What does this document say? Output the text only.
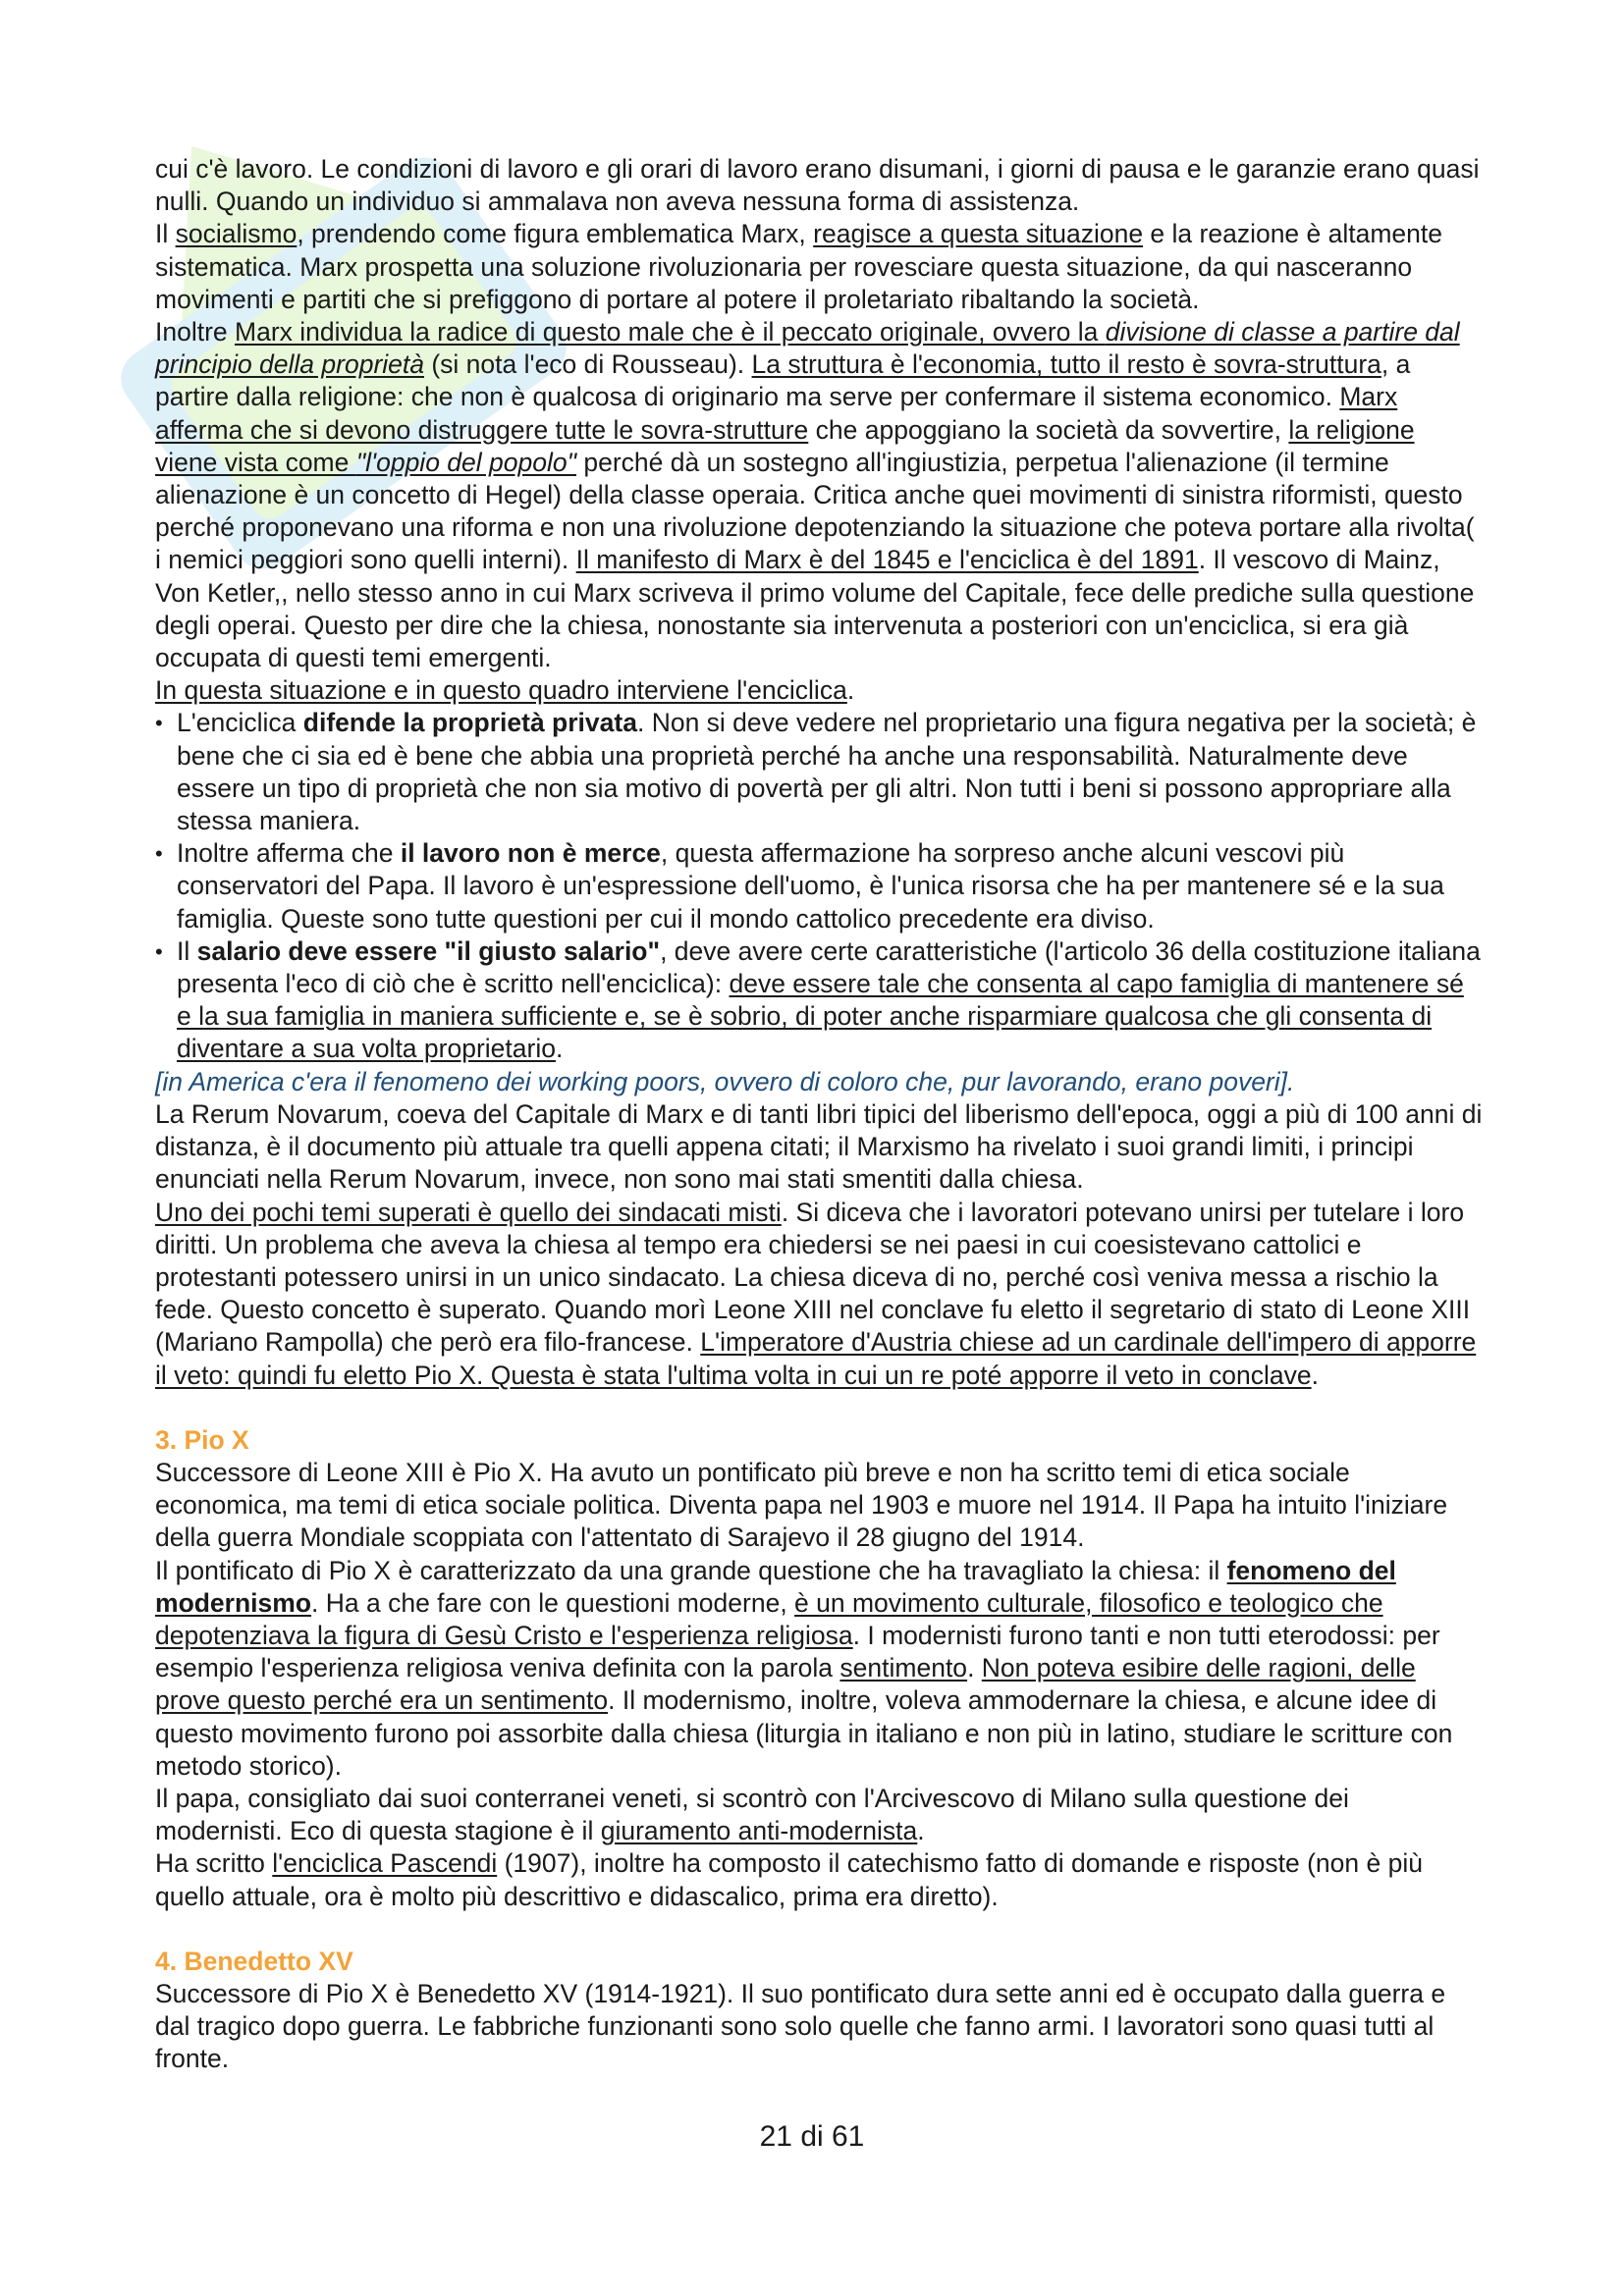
cui c'è lavoro. Le condizioni di lavoro e gli orari di lavoro erano disumani, i giorni di pausa e le garanzie erano quasi nulli. Quando un individuo si ammalava non aveva nessuna forma di assistenza.

Il socialismo, prendendo come figura emblematica Marx, reagisce a questa situazione e la reazione è altamente sistematica. Marx prospetta una soluzione rivoluzionaria per rovesciare questa situazione, da qui nasceranno movimenti e partiti che si prefiggono di portare al potere il proletariato ribaltando la società.

Inoltre Marx individua la radice di questo male che è il peccato originale, ovvero la divisione di classe a partire dal principio della proprietà (si nota l'eco di Rousseau). La struttura è l'economia, tutto il resto è sovra-struttura, a partire dalla religione: che non è qualcosa di originario ma serve per confermare il sistema economico. Marx afferma che si devono distruggere tutte le sovra-strutture che appoggiano la società da sovvertire, la religione viene vista come "l'oppio del popolo" perché dà un sostegno all'ingiustizia, perpetua l'alienazione (il termine alienazione è un concetto di Hegel) della classe operaia. Critica anche quei movimenti di sinistra riformisti, questo perché proponevano una riforma e non una rivoluzione depotenziando la situazione che poteva portare alla rivolta( i nemici peggiori sono quelli interni). Il manifesto di Marx è del 1845 e l'enciclica è del 1891. Il vescovo di Mainz, Von Ketler,, nello stesso anno in cui Marx scriveva il primo volume del Capitale, fece delle prediche sulla questione degli operai. Questo per dire che la chiesa, nonostante sia intervenuta a posteriori con un'enciclica, si era già occupata di questi temi emergenti.

In questa situazione e in questo quadro interviene l'enciclica.

• L'enciclica difende la proprietà privata. Non si deve vedere nel proprietario una figura negativa per la società; è bene che ci sia ed è bene che abbia una proprietà perché ha anche una responsabilità. Naturalmente deve essere un tipo di proprietà che non sia motivo di povertà per gli altri. Non tutti i beni si possono appropriare alla stessa maniera.
• Inoltre afferma che il lavoro non è merce, questa affermazione ha sorpreso anche alcuni vescovi più conservatori del Papa. Il lavoro è un'espressione dell'uomo, è l'unica risorsa che ha per mantenere sé e la sua famiglia. Queste sono tutte questioni per cui il mondo cattolico precedente era diviso.
• Il salario deve essere "il giusto salario", deve avere certe caratteristiche (l'articolo 36 della costituzione italiana presenta l'eco di ciò che è scritto nell'enciclica): deve essere tale che consenta al capo famiglia di mantenere sé e la sua famiglia in maniera sufficiente e, se è sobrio, di poter anche risparmiare qualcosa che gli consenta di diventare a sua volta proprietario.

[in America c'era il fenomeno dei working poors, ovvero di coloro che, pur lavorando, erano poveri].

La Rerum Novarum, coeva del Capitale di Marx e di tanti libri tipici del liberismo dell'epoca, oggi a più di 100 anni di distanza, è il documento più attuale tra quelli appena citati; il Marxismo ha rivelato i suoi grandi limiti, i principi enunciati nella Rerum Novarum, invece, non sono mai stati smentiti dalla chiesa.

Uno dei pochi temi superati è quello dei sindacati misti. Si diceva che i lavoratori potevano unirsi per tutelare i loro diritti. Un problema che aveva la chiesa al tempo era chiedersi se nei paesi in cui coesistevano cattolici e protestanti potessero unirsi in un unico sindacato. La chiesa diceva di no, perché così veniva messa a rischio la fede. Questo concetto è superato. Quando morì Leone XIII nel conclave fu eletto il segretario di stato di Leone XIII (Mariano Rampolla) che però era filo-francese. L'imperatore d'Austria chiese ad un cardinale dell'impero di apporre il veto: quindi fu eletto Pio X. Questa è stata l'ultima volta in cui un re poté apporre il veto in conclave.

3. Pio X

Successore di Leone XIII è Pio X. Ha avuto un pontificato più breve e non ha scritto temi di etica sociale economica, ma temi di etica sociale politica. Diventa papa nel 1903 e muore nel 1914. Il Papa ha intuito l'iniziare della guerra Mondiale scoppiata con l'attentato di Sarajevo il 28 giugno del 1914.

Il pontificato di Pio X è caratterizzato da una grande questione che ha travagliato la chiesa: il fenomeno del modernismo. Ha a che fare con le questioni moderne, è un movimento culturale, filosofico e teologico che depotenziava la figura di Gesù Cristo e l'esperienza religiosa. I modernisti furono tanti e non tutti eterodossi: per esempio l'esperienza religiosa veniva definita con la parola sentimento. Non poteva esibire delle ragioni, delle prove questo perché era un sentimento. Il modernismo, inoltre, voleva ammodernare la chiesa, e alcune idee di questo movimento furono poi assorbite dalla chiesa (liturgia in italiano e non più in latino, studiare le scritture con metodo storico).

Il papa, consigliato dai suoi conterranei veneti, si scontrò con l'Arcivescovo di Milano sulla questione dei modernisti. Eco di questa stagione è il giuramento anti-modernista.

Ha scritto l'enciclica Pascendi (1907), inoltre ha composto il catechismo fatto di domande e risposte (non è più quello attuale, ora è molto più descrittivo e didascalico, prima era diretto).

4. Benedetto XV

Successore di Pio X è Benedetto XV (1914-1921). Il suo pontificato dura sette anni ed è occupato dalla guerra e dal tragico dopo guerra. Le fabbriche funzionanti sono solo quelle che fanno armi. I lavoratori sono quasi tutti al fronte.

21 di 61
